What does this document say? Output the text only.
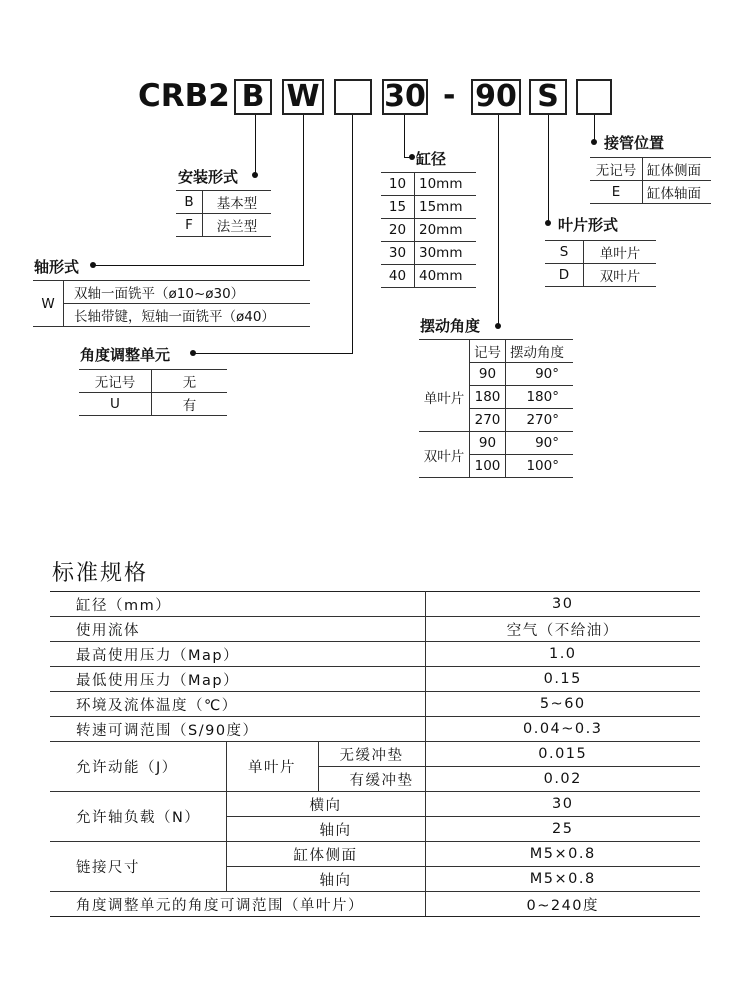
CRB2 B W 30 - 90 S
安装形式
B	基本型
F	法兰型
轴形式
W	双轴一面铣平（ø10~ø30）
长轴带键，短轴一面铣平（ø40）
角度调整单元
无记号	无
U	有
缸径
10	10mm
15	15mm
20	20mm
30	30mm
40	40mm
接管位置
无记号	缸体侧面
E	缸体轴面
叶片形式
S	单叶片
D	双叶片
摆动角度
	记号	摆动角度
单叶片	90	90°
	180	180°
	270	270°
双叶片	90	90°
	100	100°
标准规格
缸径（mm）			30
使用流体			空气（不给油）
最高使用压力（Map）			1.0
最低使用压力（Map）			0.15
环境及流体温度（℃）			5~60
转速可调范围（S/90度）			0.04~0.3
允许动能（J）	单叶片	无缓冲垫	0.015
		有缓冲垫	0.02
允许轴负载（N）	横向		30
	轴向		25
链接尺寸	缸体侧面		M5×0.8
	轴向		M5×0.8
角度调整单元的角度可调范围（单叶片）			0~240度
